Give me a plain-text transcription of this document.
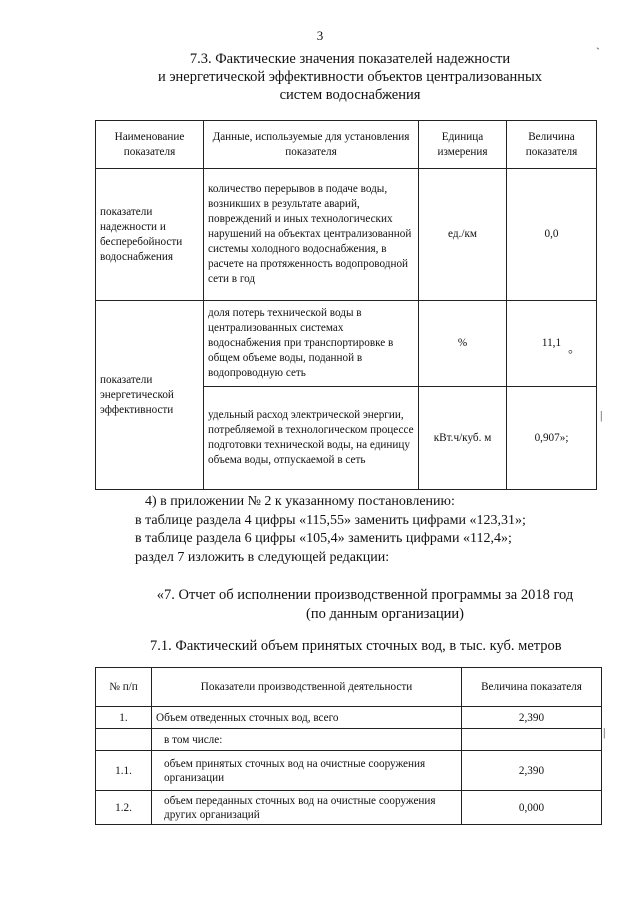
3
7.3. Фактические значения показателей надежности
и энергетической эффективности объектов централизованных
систем водоснабжения
Наименование показателя	Данные, используемые для установления показателя	Единица измерения	Величина показателя
показатели надежности и бесперебойности водоснабжения	количество перерывов в подаче воды, возникших в результате аварий, повреждений и иных технологических нарушений на объектах централизованной системы холодного водоснабжения, в расчете на протяженность водопроводной сети в год	ед./км	0,0
показатели энергетической эффективности	доля потерь технической воды в централизованных системах водоснабжения при транспортировке в общем объеме воды, поданной в водопроводную сеть	%	11,1
	удельный расход электрической энергии, потребляемой в технологическом процессе подготовки технической воды, на единицу объема воды, отпускаемой в сеть	кВт.ч/куб. м	0,907»;
4) в приложении № 2 к указанному постановлению:
в таблице раздела 4 цифры «115,55» заменить цифрами «123,31»;
в таблице раздела 6 цифры «105,4» заменить цифрами «112,4»;
раздел 7 изложить в следующей редакции:
«7. Отчет об исполнении производственной программы за 2018 год
(по данным организации)
7.1. Фактический объем принятых сточных вод, в тыс. куб. метров
№ п/п	Показатели производственной деятельности	Величина показателя
1.	Объем отведенных сточных вод, всего	2,390
	в том числе:	
1.1.	объем принятых сточных вод на очистные сооружения организации	2,390
1.2.	объем переданных сточных вод на очистные сооружения других организаций	0,000
ˏ
|
|
°
